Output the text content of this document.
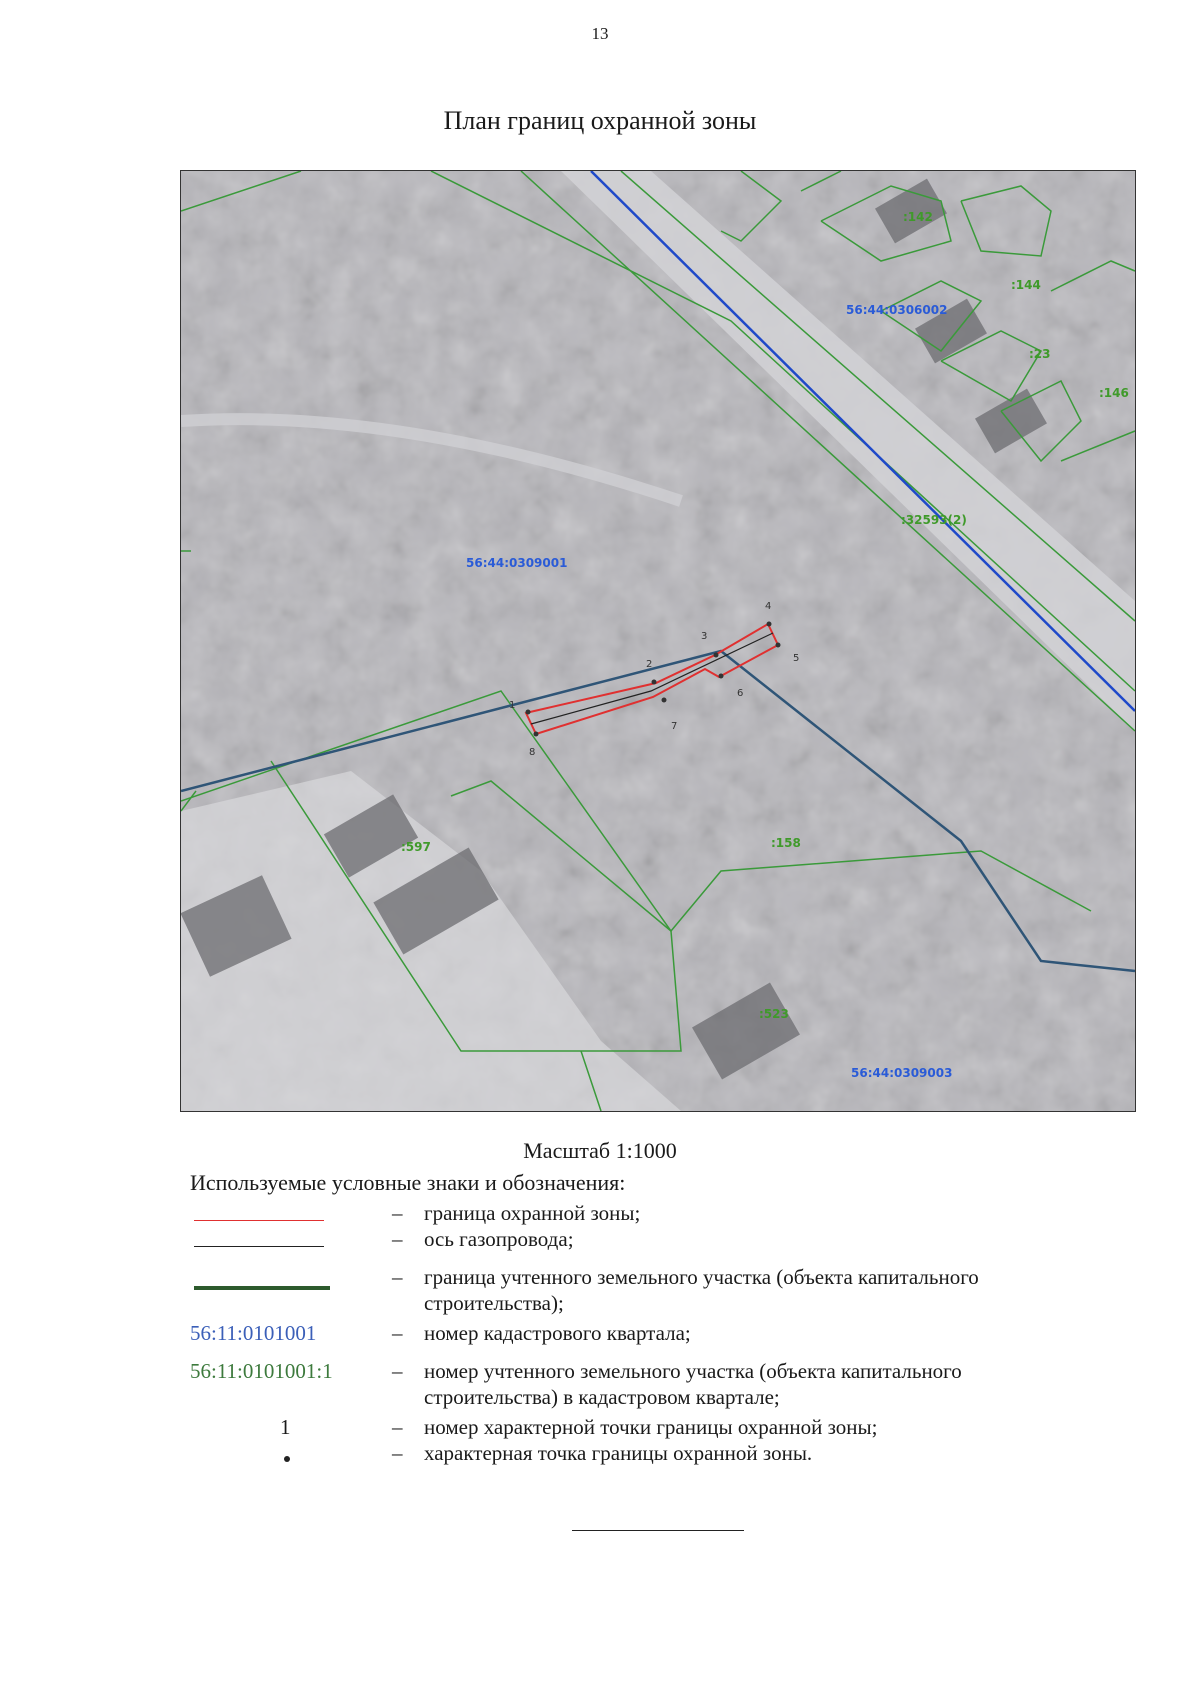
13
План границ охранной зоны
1
2
3
4
5
6
7
8
56:44:0306002
56:44:0309001
56:44:0309003
:142
:144
:23
:146
:32593(2)
:597	:158
:523
Масштаб 1:1000
Используемые условные знаки и обозначения:
– граница охранной зоны;
– ось газопровода;
– граница учтенного земельного участка (объекта капитального строительства);
56:11:0101001	– номер кадастрового квартала;
56:11:0101001:1	– номер учтенного земельного участка (объекта капитального строительства) в кадастровом квартале;
1	– номер характерной точки границы охранной зоны;
– характерная точка границы охранной зоны.
